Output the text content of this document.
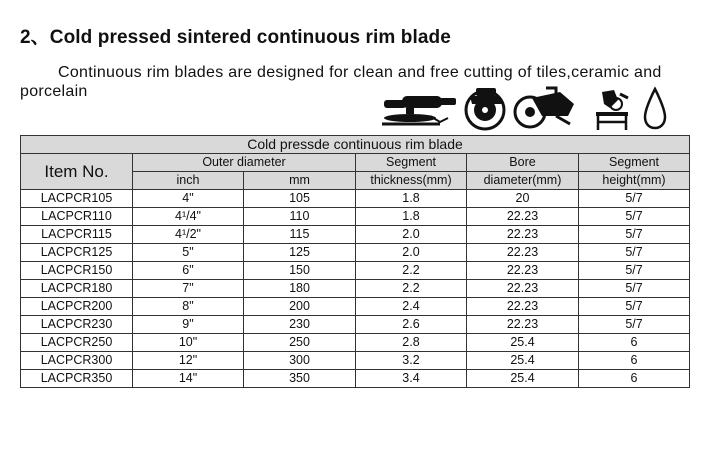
2、Cold pressed sintered continuous rim blade
Continuous rim blades are designed for clean and free cutting of tiles,ceramic and porcelain
Cold pressde continuous rim blade					
Item No.	Outer diameter		Segment	Bore	Segment
	inch	mm	thickness(mm)	diameter(mm)	height(mm)
LACPCR105	4"	105	1.8	20	5/7
LACPCR110	4¹/4"	110	1.8	22.23	5/7
LACPCR115	4¹/2"	115	2.0	22.23	5/7
LACPCR125	5"	125	2.0	22.23	5/7
LACPCR150	6"	150	2.2	22.23	5/7
LACPCR180	7"	180	2.2	22.23	5/7
LACPCR200	8"	200	2.4	22.23	5/7
LACPCR230	9"	230	2.6	22.23	5/7
LACPCR250	10"	250	2.8	25.4	6
LACPCR300	12"	300	3.2	25.4	6
LACPCR350	14"	350	3.4	25.4	6
